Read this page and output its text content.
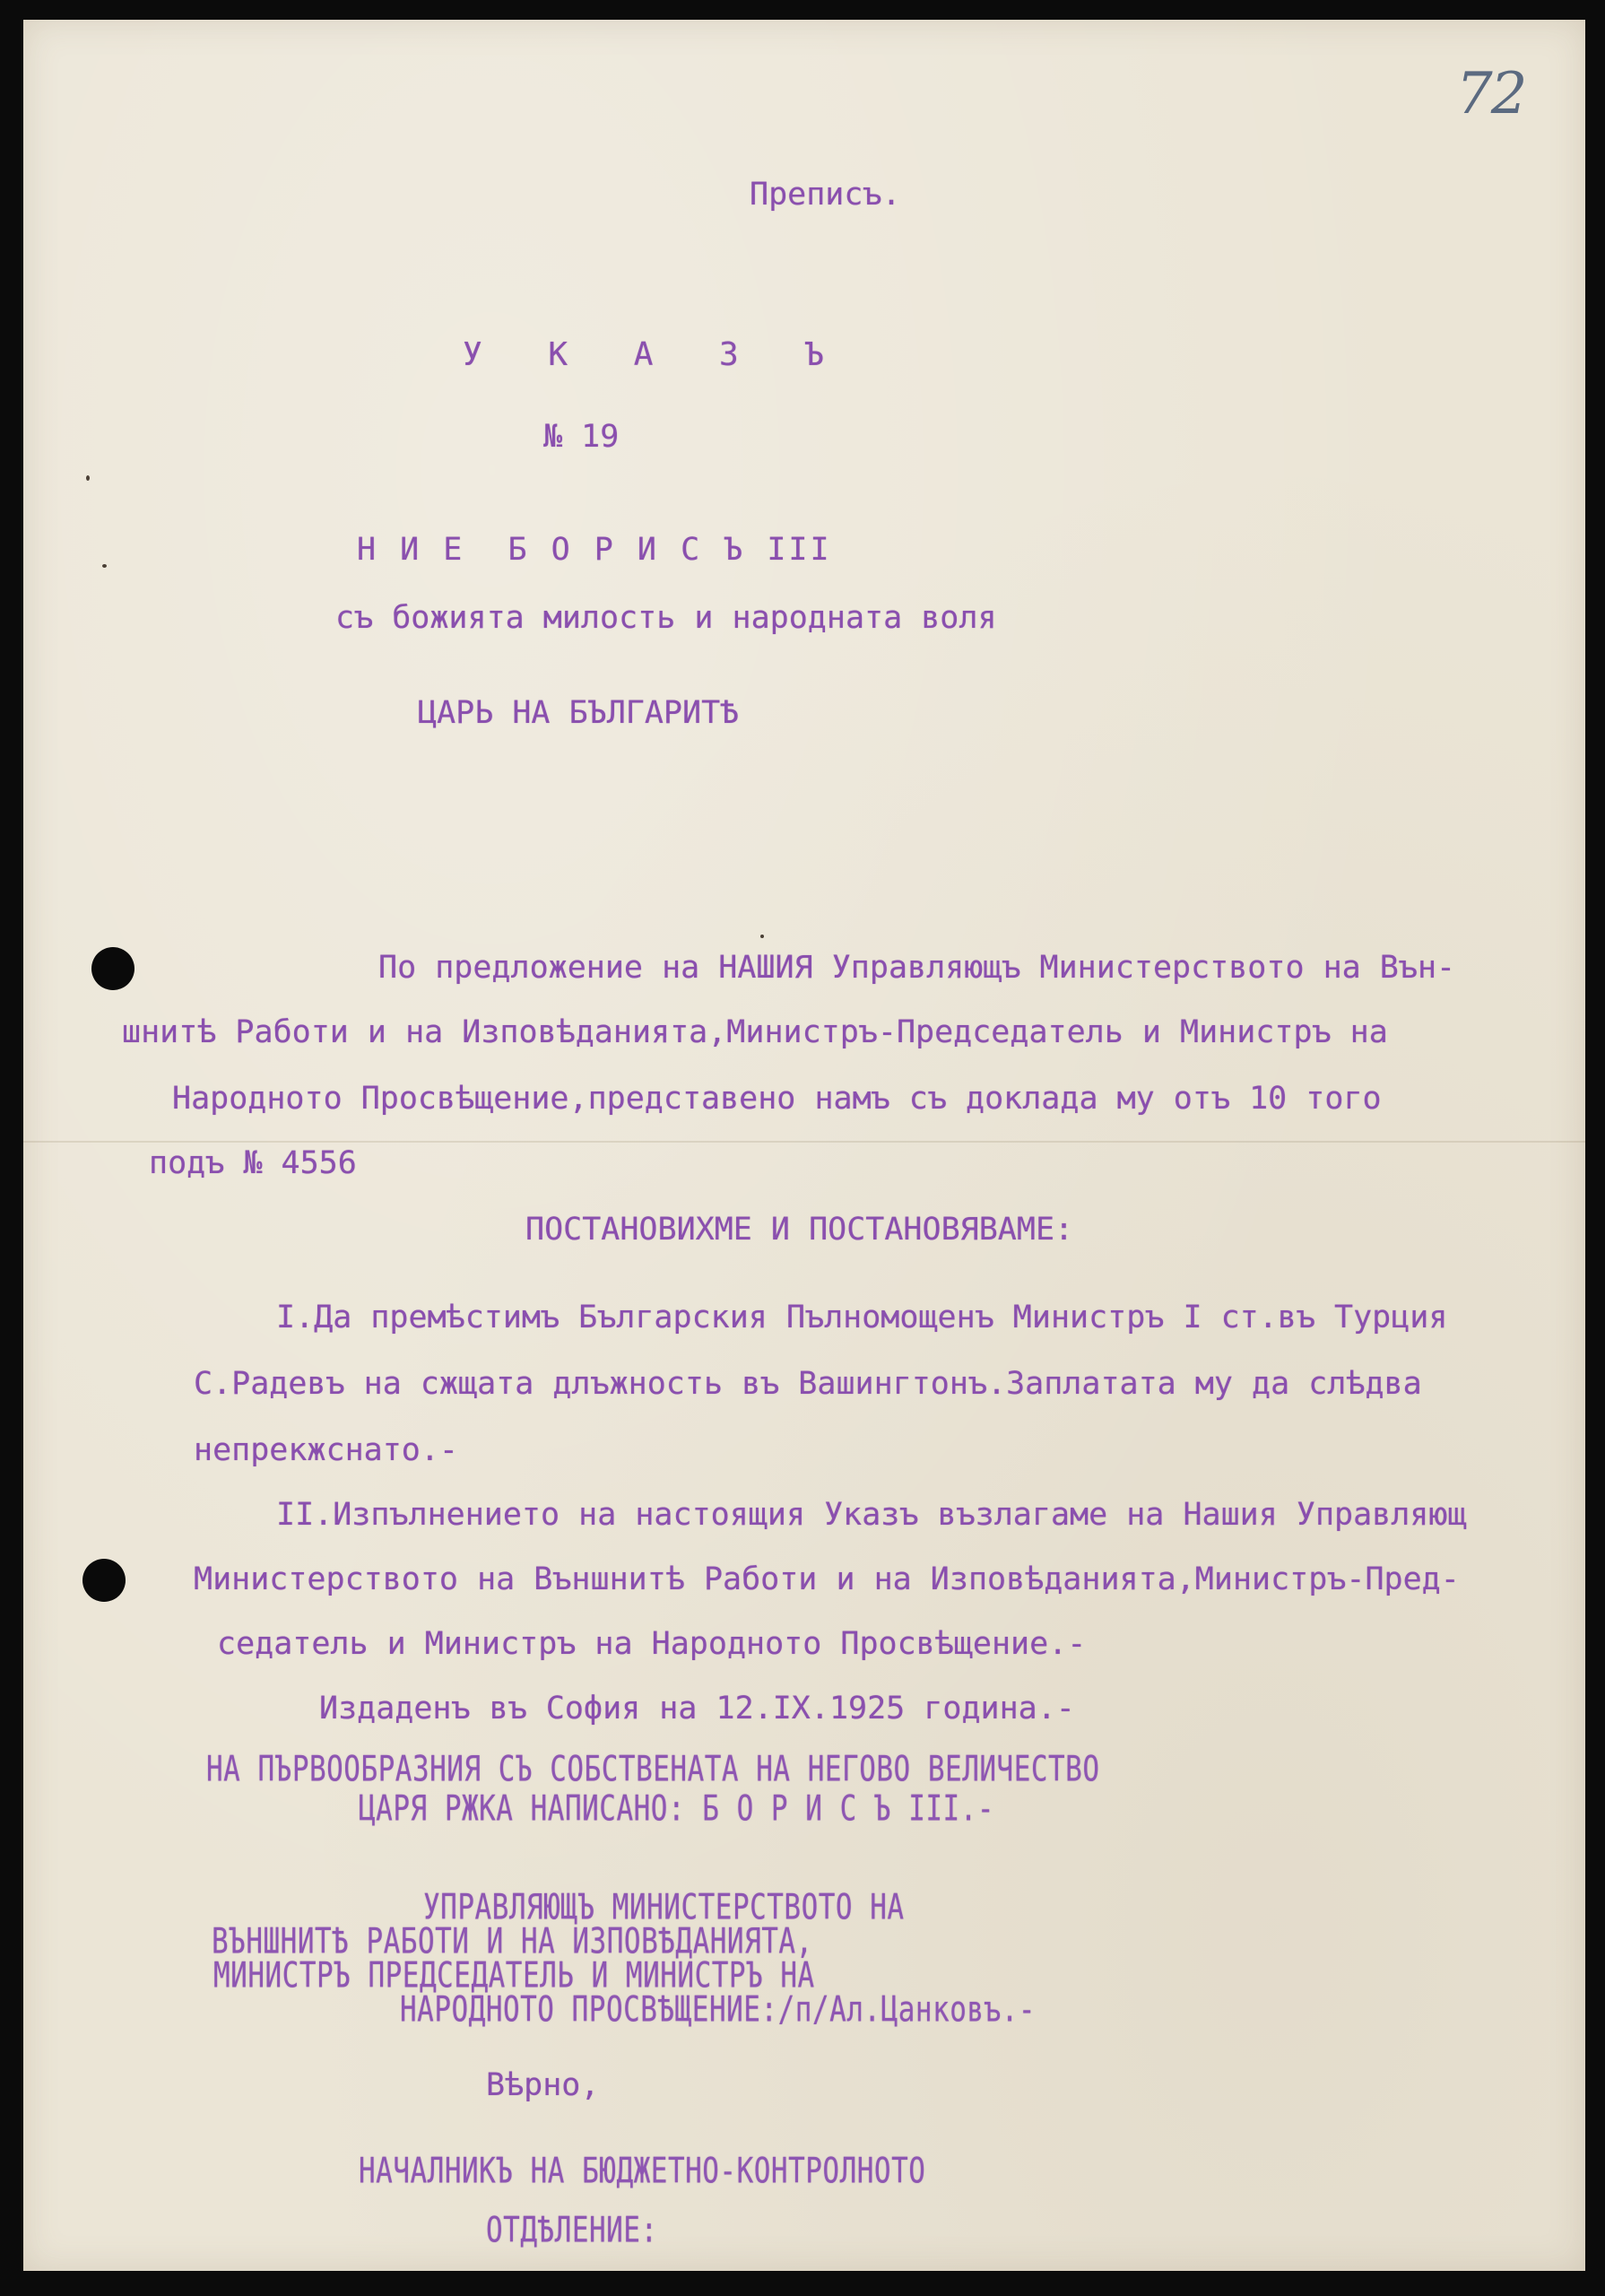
72
Преписъ.
У К А З Ъ
№ 19
Н И Е  Б О Р И С Ъ III
съ божията милость и народната воля
ЦАРЬ НА БЪЛГАРИТѢ
По предложение на НАШИЯ Управляющъ Министерството на Вън-
шнитѣ Работи и на Изповѣданията,Министръ-Председатель и Министръ на
Народното Просвѣщение,представено намъ съ доклада му отъ 10 того
подъ № 4556
ПОСТАНОВИХМЕ И ПОСТАНОВЯВАМЕ:
I.Да премѣстимъ Българския Пълномощенъ Министръ I ст.въ Турция
С.Радевъ на сжщата длъжность въ Вашингтонъ.Заплатата му да слѣдва
непрекжснато.-
II.Изпълнението на настоящия Указъ възлагаме на Нашия Управляющ
Министерството на Външнитѣ Работи и на Изповѣданията,Министръ-Пред-
седатель и Министръ на Народното Просвѣщение.-
Издаденъ въ София на 12.IX.1925 година.-
НА ПЪРВООБРАЗНИЯ СЪ СОБСТВЕНАТА НА НЕГОВО ВЕЛИЧЕСТВО
ЦАРЯ РЖКА НАПИСАНО: Б О Р И С Ъ III.-
УПРАВЛЯЮЩЪ МИНИСТЕРСТВОТО НА
ВЪНШНИТѢ РАБОТИ И НА ИЗПОВѢДАНИЯТА,
МИНИСТРЪ ПРЕДСЕДАТЕЛЬ И МИНИСТРЪ НА
НАРОДНОТО ПРОСВѢЩЕНИЕ:/п/Ал.Цанковъ.-
Вѣрно,
НАЧАЛНИКЪ НА БЮДЖЕТНО-КОНТРОЛНОТО
ОТДѢЛЕНИЕ:
